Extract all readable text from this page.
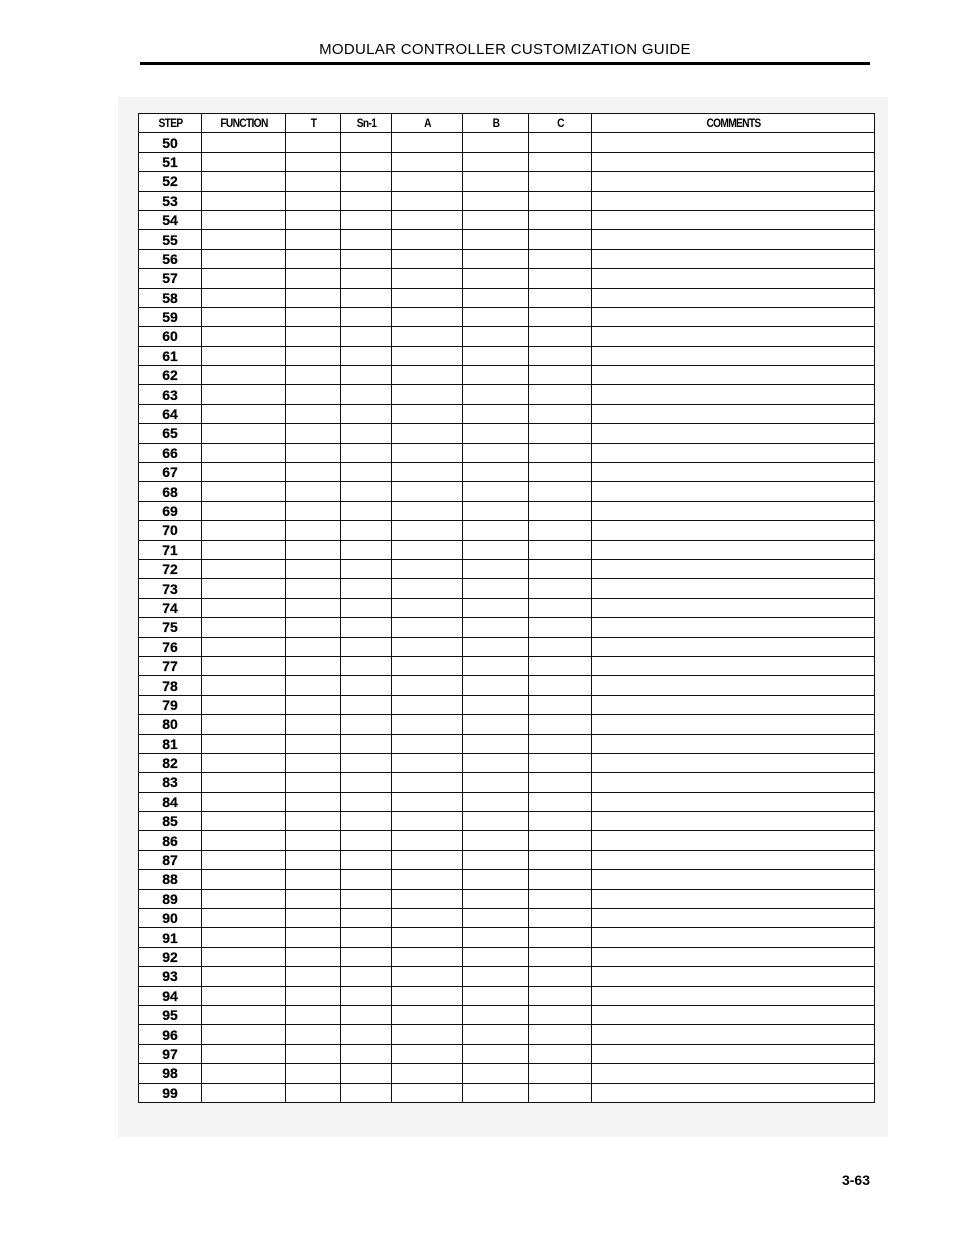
MODULAR CONTROLLER CUSTOMIZATION GUIDE
STEP	FUNCTION	T	Sn-1	A	B	C	COMMENTS
50							
51							
52							
53							
54							
55							
56							
57							
58							
59							
60							
61							
62							
63							
64							
65							
66							
67							
68							
69							
70							
71							
72							
73							
74							
75							
76							
77							
78							
79							
80							
81							
82							
83							
84							
85							
86							
87							
88							
89							
90							
91							
92							
93							
94							
95							
96							
97							
98							
99							
3-63
